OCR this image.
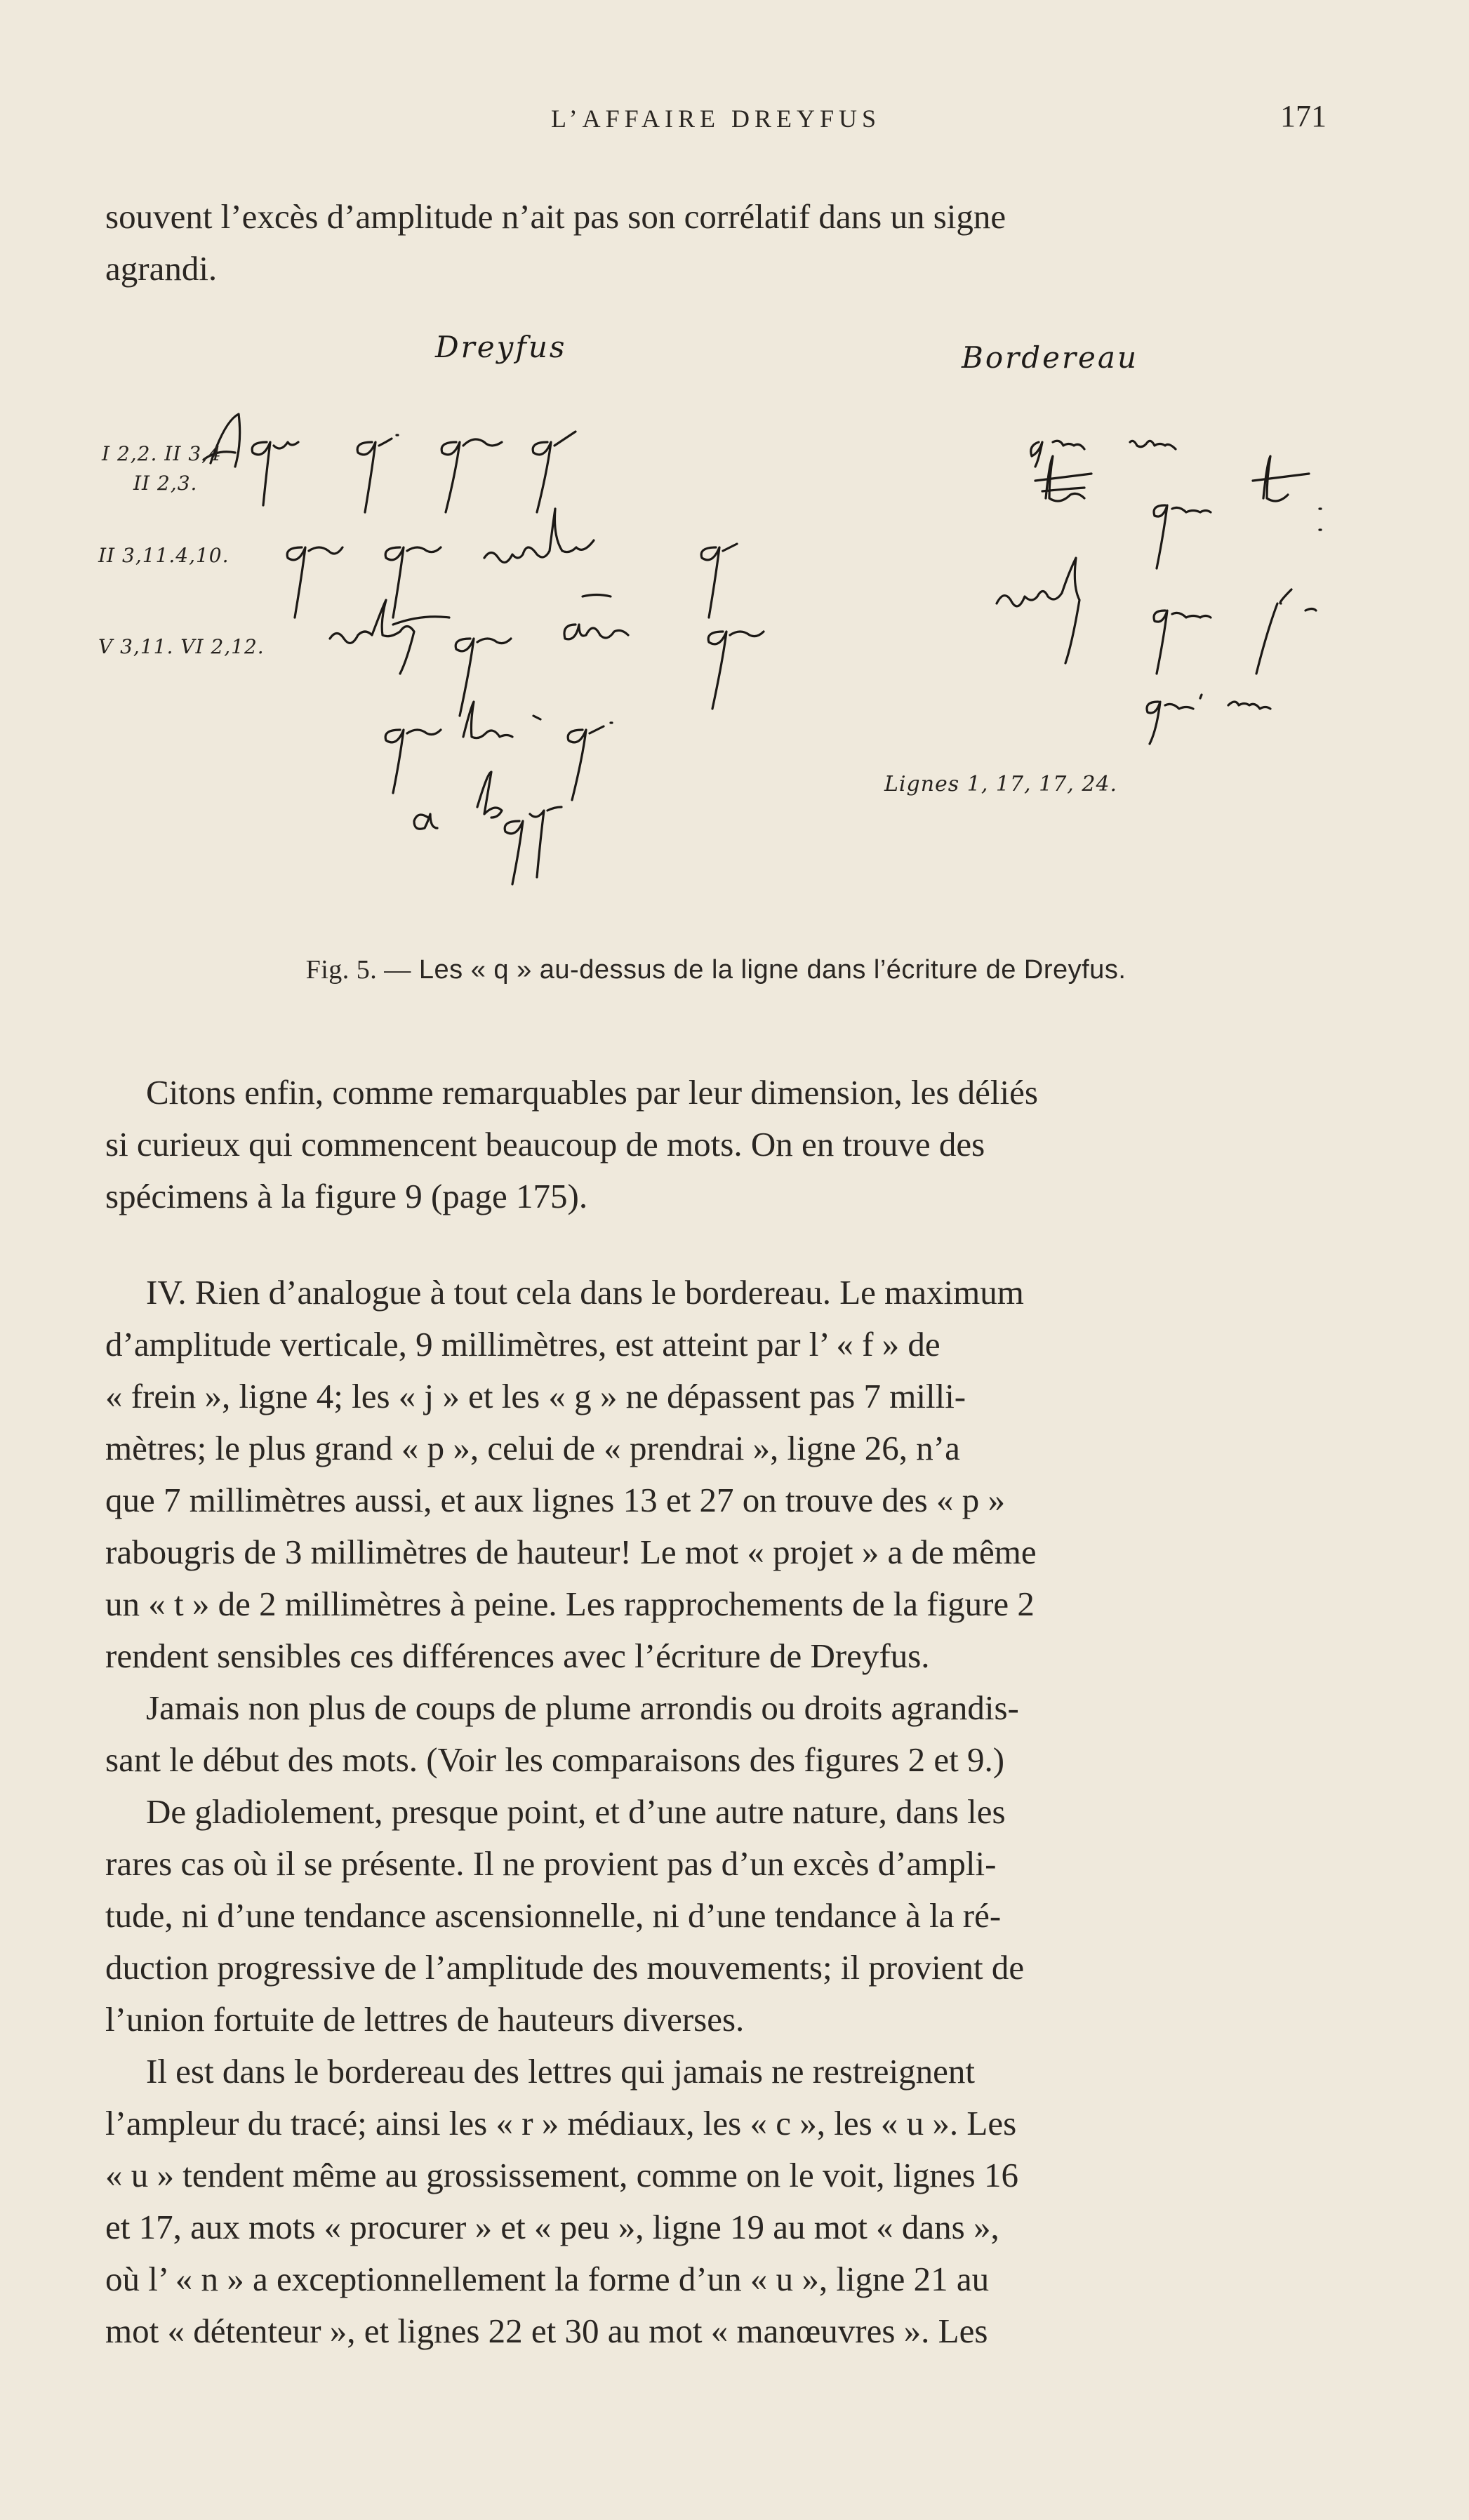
L’AFFAIRE DREYFUS	171

souvent l’excès d’amplitude n’ait pas son corrélatif dans un signe

agrandi.

Dreyfus	Bordereau
I 2,2. II 3,4
II 2,3.
II 3,11.4,10.
V 3,11. VI 2,12.
Lignes 1, 17, 17, 24.
Fig. 5. — Les « q » au-dessus de la ligne dans l’écriture de Dreyfus.

Citons enfin, comme remarquables par leur dimension, les déliés

si curieux qui commencent beaucoup de mots. On en trouve des

spécimens à la figure 9 (page 175).

IV. Rien d’analogue à tout cela dans le bordereau. Le maximum

d’amplitude verticale, 9 millimètres, est atteint par l’ « f » de

« frein », ligne 4; les « j » et les « g » ne dépassent pas 7 milli-

mètres; le plus grand « p », celui de « prendrai », ligne 26, n’a

que 7 millimètres aussi, et aux lignes 13 et 27 on trouve des « p »

rabougris de 3 millimètres de hauteur! Le mot « projet » a de même

un « t » de 2 millimètres à peine. Les rapprochements de la figure 2

rendent sensibles ces différences avec l’écriture de Dreyfus.

Jamais non plus de coups de plume arrondis ou droits agrandis-

sant le début des mots. (Voir les comparaisons des figures 2 et 9.)

De gladiolement, presque point, et d’une autre nature, dans les

rares cas où il se présente. Il ne provient pas d’un excès d’ampli-

tude, ni d’une tendance ascensionnelle, ni d’une tendance à la ré-

duction progressive de l’amplitude des mouvements; il provient de

l’union fortuite de lettres de hauteurs diverses.

Il est dans le bordereau des lettres qui jamais ne restreignent

l’ampleur du tracé; ainsi les « r » médiaux, les « c », les « u ». Les

« u » tendent même au grossissement, comme on le voit, lignes 16

et 17, aux mots « procurer » et « peu », ligne 19 au mot « dans »,

où l’ « n » a exceptionnellement la forme d’un « u », ligne 21 au

mot « détenteur », et lignes 22 et 30 au mot « manœuvres ». Les
